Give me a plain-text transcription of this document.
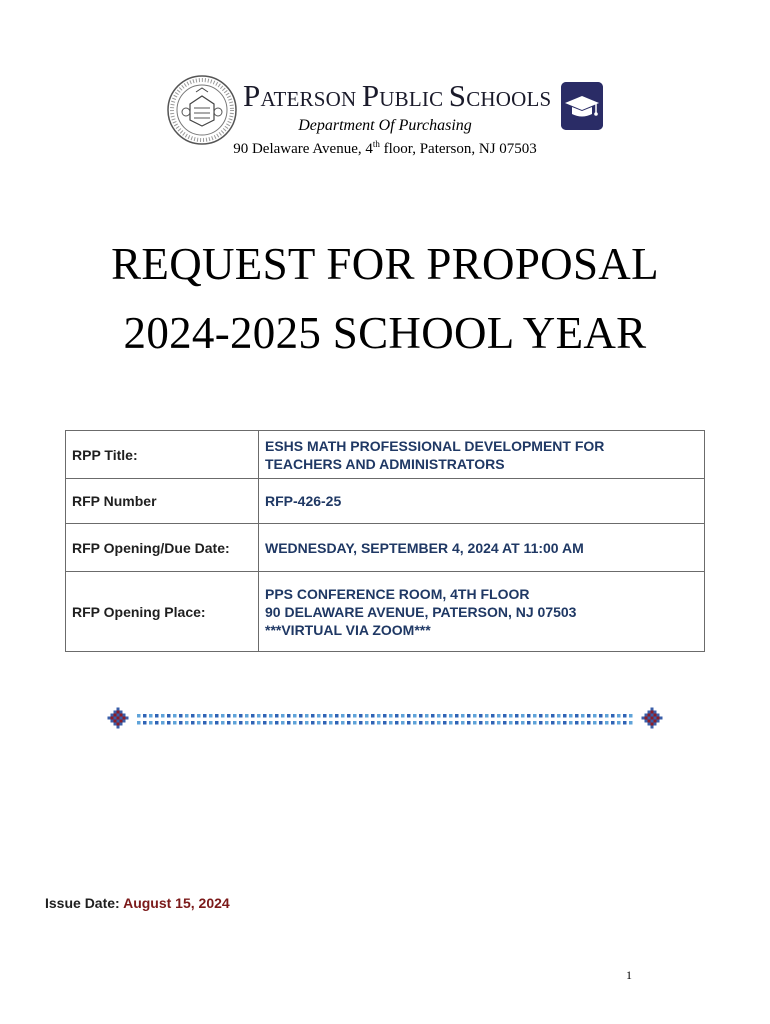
PATERSON PUBLIC SCHOOLS
Department Of Purchasing
90 Delaware Avenue, 4th floor, Paterson, NJ 07503
REQUEST FOR PROPOSAL
2024-2025 SCHOOL YEAR
RPP Title:	ESHS MATH PROFESSIONAL DEVELOPMENT FOR
TEACHERS AND ADMINISTRATORS

RFP Number	RFP-426-25

RFP Opening/Due Date:	WEDNESDAY, SEPTEMBER 4, 2024 AT 11:00 AM

RFP Opening Place:	PPS CONFERENCE ROOM, 4TH FLOOR
90 DELAWARE AVENUE, PATERSON, NJ 07503
***VIRTUAL VIA ZOOM***
Issue Date: August 15, 2024
1
